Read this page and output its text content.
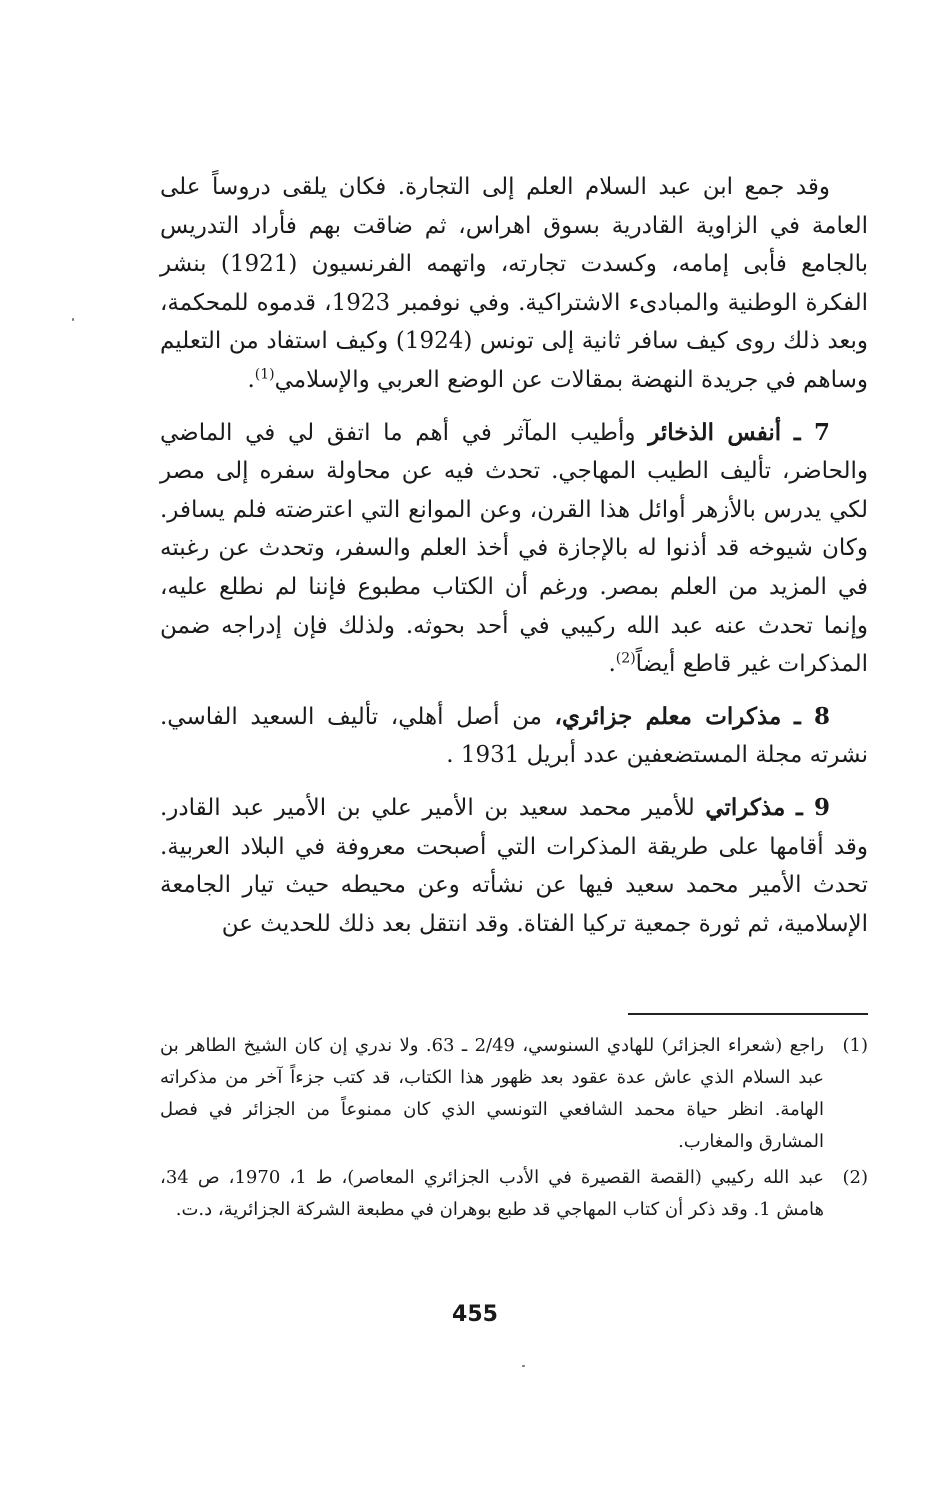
وقد جمع ابن عبد السلام العلم إلى التجارة. فكان يلقى دروساً على العامة في الزاوية القادرية بسوق اهراس، ثم ضاقت بهم فأراد التدريس بالجامع فأبى إمامه، وكسدت تجارته، واتهمه الفرنسيون (1921) بنشر الفكرة الوطنية والمبادىء الاشتراكية. وفي نوفمبر 1923، قدموه للمحكمة، وبعد ذلك روى كيف سافر ثانية إلى تونس (1924) وكيف استفاد من التعليم وساهم في جريدة النهضة بمقالات عن الوضع العربي والإسلامي$^{(1)}$.

7 ـ أنفس الذخائر وأطيب المآثر في أهم ما اتفق لي في الماضي والحاضر، تأليف الطيب المهاجي. تحدث فيه عن محاولة سفره إلى مصر لكي يدرس بالأزهر أوائل هذا القرن، وعن الموانع التي اعترضته فلم يسافر. وكان شيوخه قد أذنوا له بالإجازة في أخذ العلم والسفر، وتحدث عن رغبته في المزيد من العلم بمصر. ورغم أن الكتاب مطبوع فإننا لم نطلع عليه، وإنما تحدث عنه عبد الله ركيبي في أحد بحوثه. ولذلك فإن إدراجه ضمن المذكرات غير قاطع أيضاً$^{(2)}$.

8 ـ مذكرات معلم جزائري، من أصل أهلي، تأليف السعيد الفاسي. نشرته مجلة المستضعفين عدد أبريل 1931 .

9 ـ مذكراتي للأمير محمد سعيد بن الأمير علي بن الأمير عبد القادر. وقد أقامها على طريقة المذكرات التي أصبحت معروفة في البلاد العربية. تحدث الأمير محمد سعيد فيها عن نشأته وعن محيطه حيث تيار الجامعة الإسلامية، ثم ثورة جمعية تركيا الفتاة. وقد انتقل بعد ذلك للحديث عن

(1)
راجع (شعراء الجزائر) للهادي السنوسي، 2/49 ـ 63. ولا ندري إن كان الشيخ الطاهر بن عبد السلام الذي عاش عدة عقود بعد ظهور هذا الكتاب، قد كتب جزءاً آخر من مذكراته الهامة. انظر حياة محمد الشافعي التونسي الذي كان ممنوعاً من الجزائر في فصل المشارق والمغارب.
(2)
عبد الله ركيبي (القصة القصيرة في الأدب الجزائري المعاصر)، ط 1، 1970، ص 34، هامش 1. وقد ذكر أن كتاب المهاجي قد طبع بوهران في مطبعة الشركة الجزائرية، د.ت.
455
